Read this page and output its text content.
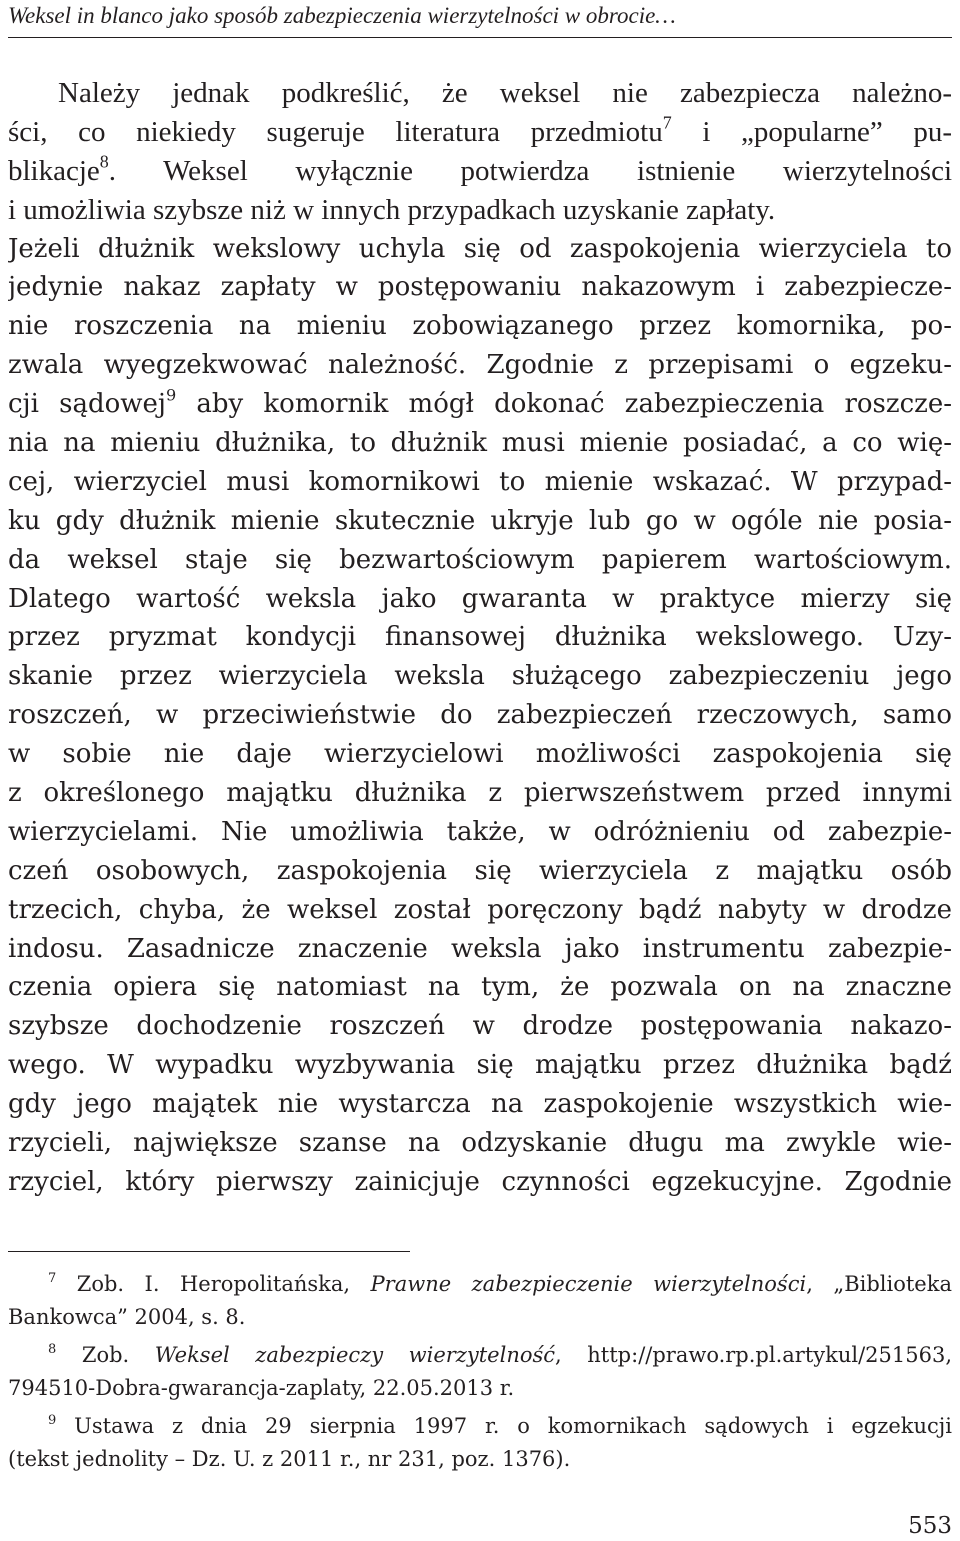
Weksel in blanco jako sposób zabezpieczenia wierzytelności w obrocie…
Należy jednak podkreślić, że weksel nie zabezpiecza należno-
ści, co niekiedy sugeruje literatura przedmiotu$^7$ i „popularne” pu-
blikacje$^8$. Weksel wyłącznie potwierdza istnienie wierzytelności
i umożliwia szybsze niż w innych przypadkach uzyskanie zapłaty.
Jeżeli dłużnik wekslowy uchyla się od zaspokojenia wierzyciela to
jedynie nakaz zapłaty w postępowaniu nakazowym i zabezpiecze-
nie roszczenia na mieniu zobowiązanego przez komornika, po-
zwala wyegzekwować należność. Zgodnie z przepisami o egzeku-
cji sądowej$^9$ aby komornik mógł dokonać zabezpieczenia roszcze-
nia na mieniu dłużnika, to dłużnik musi mienie posiadać, a co wię-
cej, wierzyciel musi komornikowi to mienie wskazać. W przypad-
ku gdy dłużnik mienie skutecznie ukryje lub go w ogóle nie posia-
da weksel staje się bezwartościowym papierem wartościowym.
Dlatego wartość weksla jako gwaranta w praktyce mierzy się
przez pryzmat kondycji finansowej dłużnika wekslowego. Uzy-
skanie przez wierzyciela weksla służącego zabezpieczeniu jego
roszczeń, w przeciwieństwie do zabezpieczeń rzeczowych, samo
w sobie nie daje wierzycielowi możliwości zaspokojenia się
z określonego majątku dłużnika z pierwszeństwem przed innymi
wierzycielami. Nie umożliwia także, w odróżnieniu od zabezpie-
czeń osobowych, zaspokojenia się wierzyciela z majątku osób
trzecich, chyba, że weksel został poręczony bądź nabyty w drodze
indosu. Zasadnicze znaczenie weksla jako instrumentu zabezpie-
czenia opiera się natomiast na tym, że pozwala on na znaczne
szybsze dochodzenie roszczeń w drodze postępowania nakazo-
wego. W wypadku wyzbywania się majątku przez dłużnika bądź
gdy jego majątek nie wystarcza na zaspokojenie wszystkich wie-
rzycieli, największe szanse na odzyskanie długu ma zwykle wie-
rzyciel, który pierwszy zainicjuje czynności egzekucyjne. Zgodnie
$^7$ Zob. I. Heropolitańska, Prawne zabezpieczenie wierzytelności, „Biblioteka
Bankowca” 2004, s. 8.
$^8$ Zob. Weksel zabezpieczy wierzytelność, http://prawo.rp.pl.artykul/251563,
794510-Dobra-gwarancja-zaplaty, 22.05.2013 r.
$^9$ Ustawa z dnia 29 sierpnia 1997 r. o komornikach sądowych i egzekucji
(tekst jednolity – Dz. U. z 2011 r., nr 231, poz. 1376).
553
